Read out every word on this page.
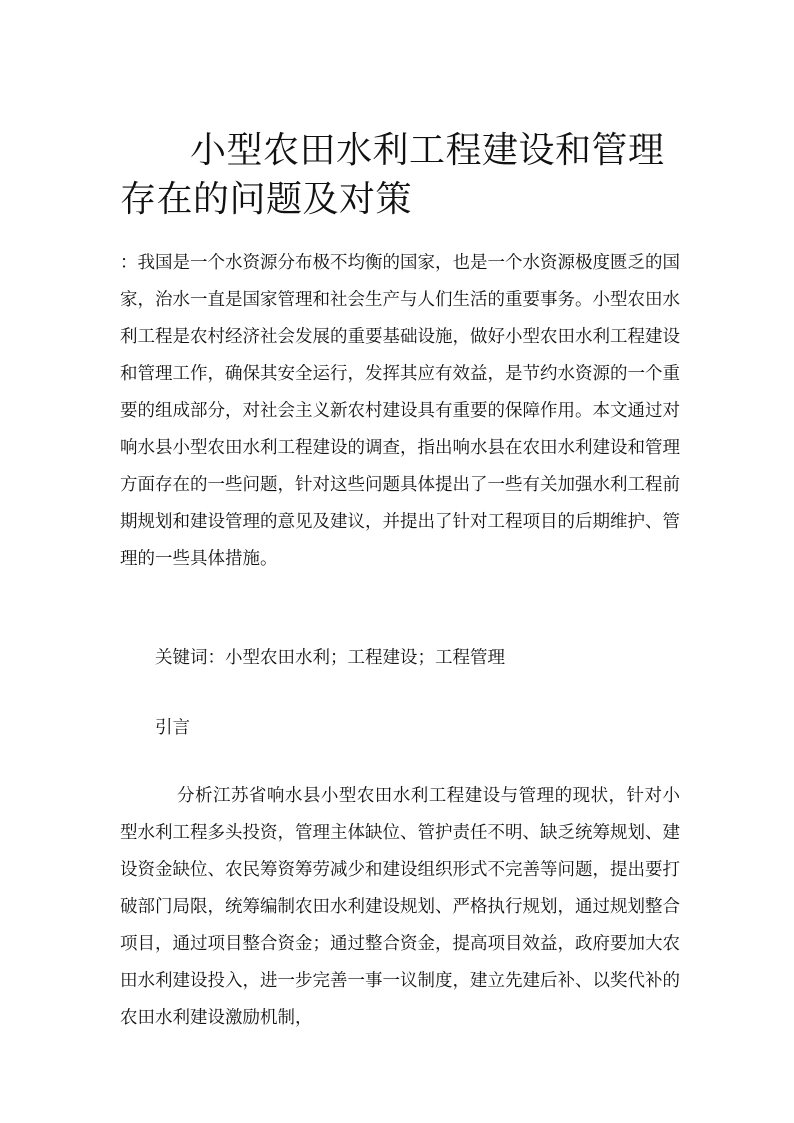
小型农田水利工程建设和管理存在的问题及对策

：我国是一个水资源分布极不均衡的国家，也是一个水资源极度匮乏的国家，治水一直是国家管理和社会生产与人们生活的重要事务。小型农田水利工程是农村经济社会发展的重要基础设施，做好小型农田水利工程建设和管理工作，确保其安全运行，发挥其应有效益，是节约水资源的一个重要的组成部分，对社会主义新农村建设具有重要的保障作用。本文通过对响水县小型农田水利工程建设的调查，指出响水县在农田水利建设和管理方面存在的一些问题，针对这些问题具体提出了一些有关加强水利工程前期规划和建设管理的意见及建议，并提出了针对工程项目的后期维护、管理的一些具体措施。

关键词：小型农田水利；工程建设；工程管理

引言

分析江苏省响水县小型农田水利工程建设与管理的现状，针对小型水利工程多头投资，管理主体缺位、管护责任不明、缺乏统筹规划、建设资金缺位、农民筹资筹劳减少和建设组织形式不完善等问题，提出要打破部门局限，统筹编制农田水利建设规划、严格执行规划，通过规划整合项目，通过项目整合资金；通过整合资金，提高项目效益，政府要加大农田水利建设投入，进一步完善一事一议制度，建立先建后补、以奖代补的农田水利建设激励机制，
